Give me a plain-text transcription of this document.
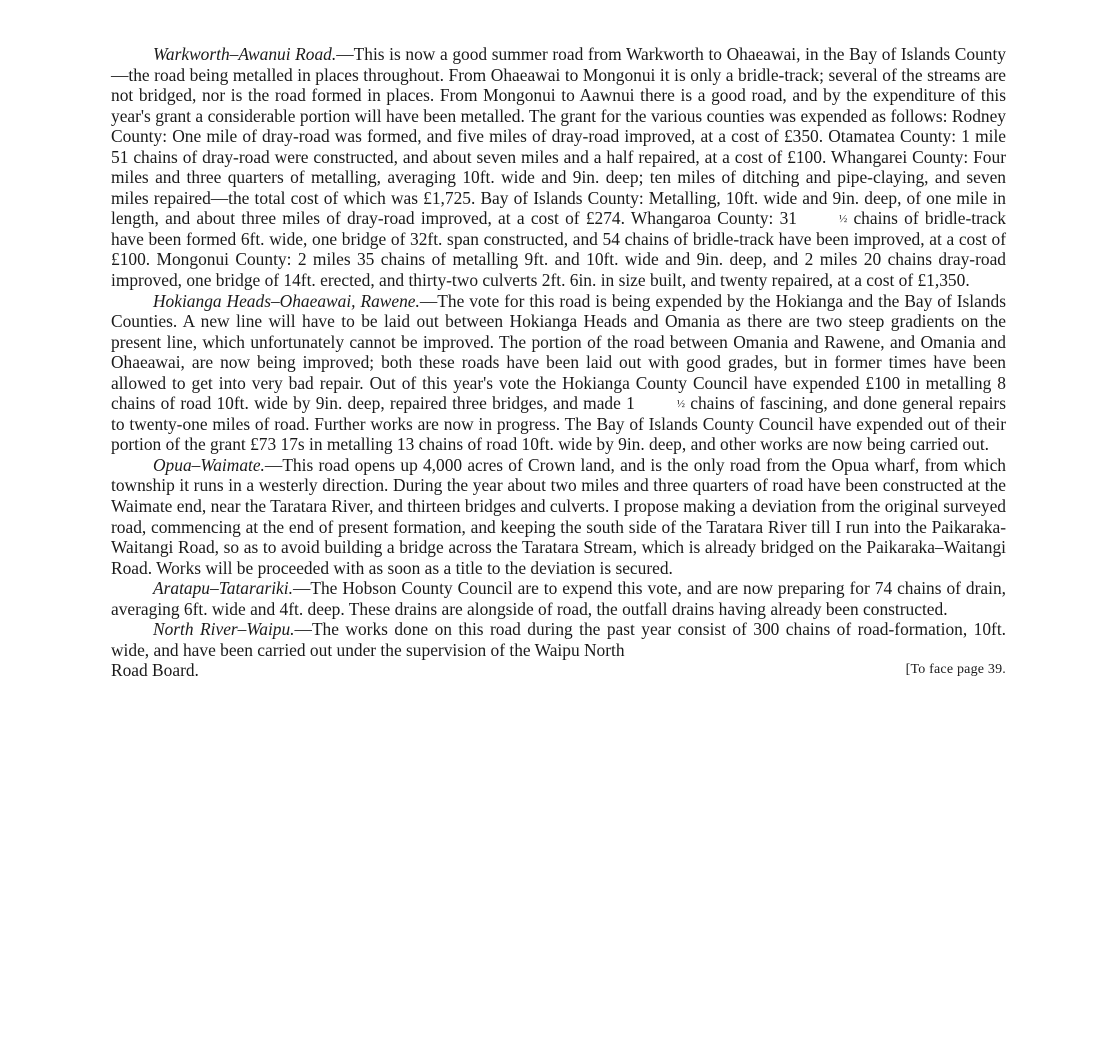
Warkworth–Awanui Road.—This is now a good summer road from Warkworth to Ohaeawai, in the Bay of Islands County—the road being metalled in places throughout. From Ohaeawai to Mongonui it is only a bridle-track; several of the streams are not bridged, nor is the road formed in places. From Mongonui to Aawnui there is a good road, and by the expenditure of this year's grant a considerable portion will have been metalled. The grant for the various counties was expended as follows: Rodney County: One mile of dray-road was formed, and five miles of dray-road improved, at a cost of £350. Otamatea County: 1 mile 51 chains of dray-road were constructed, and about seven miles and a half repaired, at a cost of £100. Whangarei County: Four miles and three quarters of metalling, averaging 10ft. wide and 9in. deep; ten miles of ditching and pipe-claying, and seven miles repaired—the total cost of which was £1,725. Bay of Islands County: Metalling, 10ft. wide and 9in. deep, of one mile in length, and about three miles of dray-road improved, at a cost of £274. Whangaroa County: 31	½ chains of bridle-track have been formed 6ft. wide, one bridge of 32ft. span constructed, and 54 chains of bridle-track have been improved, at a cost of £100. Mongonui County: 2 miles 35 chains of metalling 9ft. and 10ft. wide and 9in. deep, and 2 miles 20 chains dray-road improved, one bridge of 14ft. erected, and thirty-two culverts 2ft. 6in. in size built, and twenty repaired, at a cost of £1,350.

Hokianga Heads–Ohaeawai, Rawene.—The vote for this road is being expended by the Hokianga and the Bay of Islands Counties. A new line will have to be laid out between Hokianga Heads and Omania as there are two steep gradients on the present line, which unfortunately cannot be improved. The portion of the road between Omania and Rawene, and Omania and Ohaeawai, are now being improved; both these roads have been laid out with good grades, but in former times have been allowed to get into very bad repair. Out of this year's vote the Hokianga County Council have expended £100 in metalling 8 chains of road 10ft. wide by 9in. deep, repaired three bridges, and made 1	½ chains of fascining, and done general repairs to twenty-one miles of road. Further works are now in progress. The Bay of Islands County Council have expended out of their portion of the grant £73 17s in metalling 13 chains of road 10ft. wide by 9in. deep, and other works are now being carried out.

Opua–Waimate.—This road opens up 4,000 acres of Crown land, and is the only road from the Opua wharf, from which township it runs in a westerly direction. During the year about two miles and three quarters of road have been constructed at the Waimate end, near the Taratara River, and thirteen bridges and culverts. I propose making a deviation from the original surveyed road, commencing at the end of present formation, and keeping the south side of the Taratara River till I run into the Paikaraka-Waitangi Road, so as to avoid building a bridge across the Taratara Stream, which is already bridged on the Paikaraka–Waitangi Road. Works will be proceeded with as soon as a title to the deviation is secured.

Aratapu–Tatarariki.—The Hobson County Council are to expend this vote, and are now preparing for 74 chains of drain, averaging 6ft. wide and 4ft. deep. These drains are alongside of road, the outfall drains having already been constructed.

North River–Waipu.—The works done on this road during the past year consist of 300 chains of road-formation, 10ft. wide, and have been carried out under the supervision of the Waipu North

Road Board.	[To face page 39.
